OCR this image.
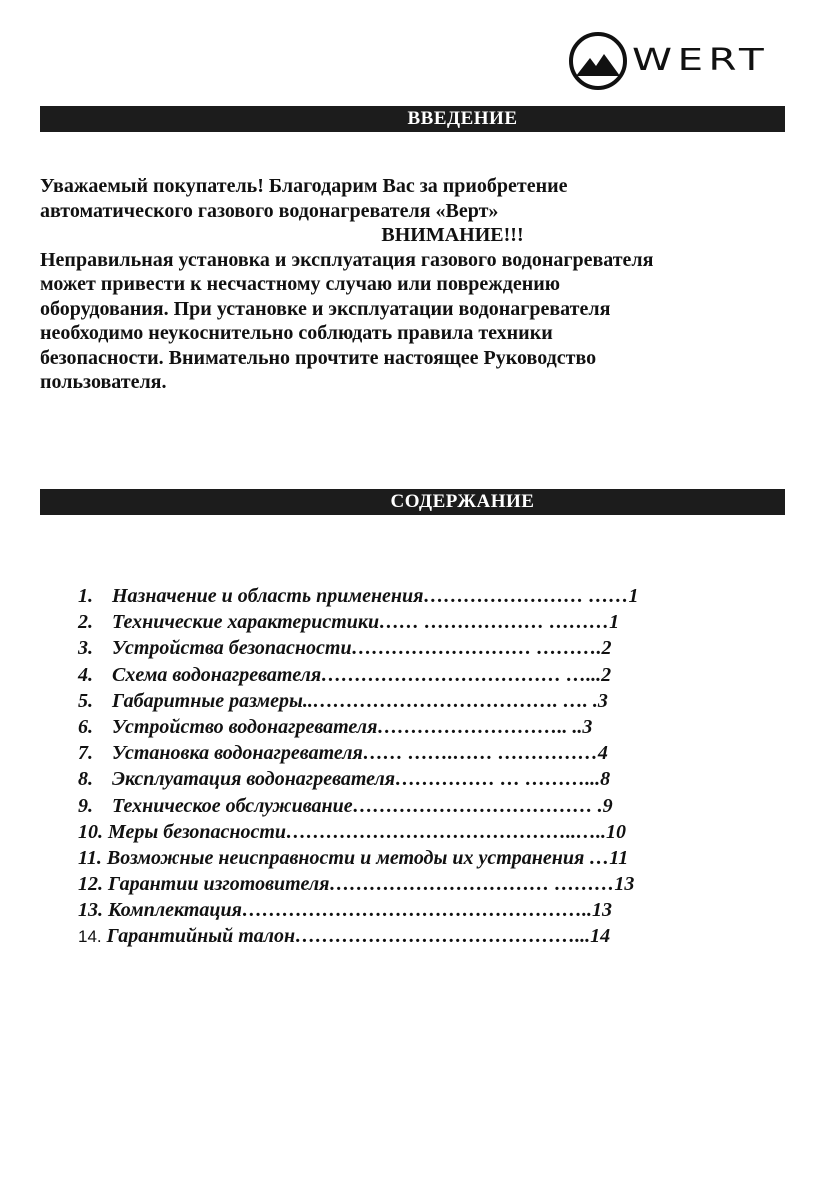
WERT
ВВЕДЕНИЕ

Уважаемый покупатель! Благодарим Вас за приобретение

автоматического газового водонагревателя «Верт»

ВНИМАНИЕ!!!

Неправильная установка и эксплуатация газового водонагревателя

может привести к несчастному случаю или повреждению

оборудования. При установке и эксплуатации водонагревателя

необходимо неукоснительно соблюдать правила техники

безопасности. Внимательно прочтите настоящее Руководство

пользователя.

СОДЕРЖАНИЕ
1. Назначение и область применения…………………… ……1
2. Технические характеристики…… ……………… ………1
3. Устройства безопасности……………………… ……….2
4. Схема водонагревателя……………………………… …...2
5. Габаритные размеры..………………………………. …. .3
6. Устройство водонагревателя……………………….. ..3
7. Установка водонагревателя…… …….…… ……………4
8. Эксплуатация водонагревателя…………… … ………...8
9. Техническое обслуживание……………………………… .9
10. Меры безопасности……………………………………..…..10
11. Возможные неисправности и методы их устранения …11
12. Гарантии изготовителя…………………………… ………13
13. Комплектация……………………………………………..13
14. Гарантийный талон……………………………………...14
